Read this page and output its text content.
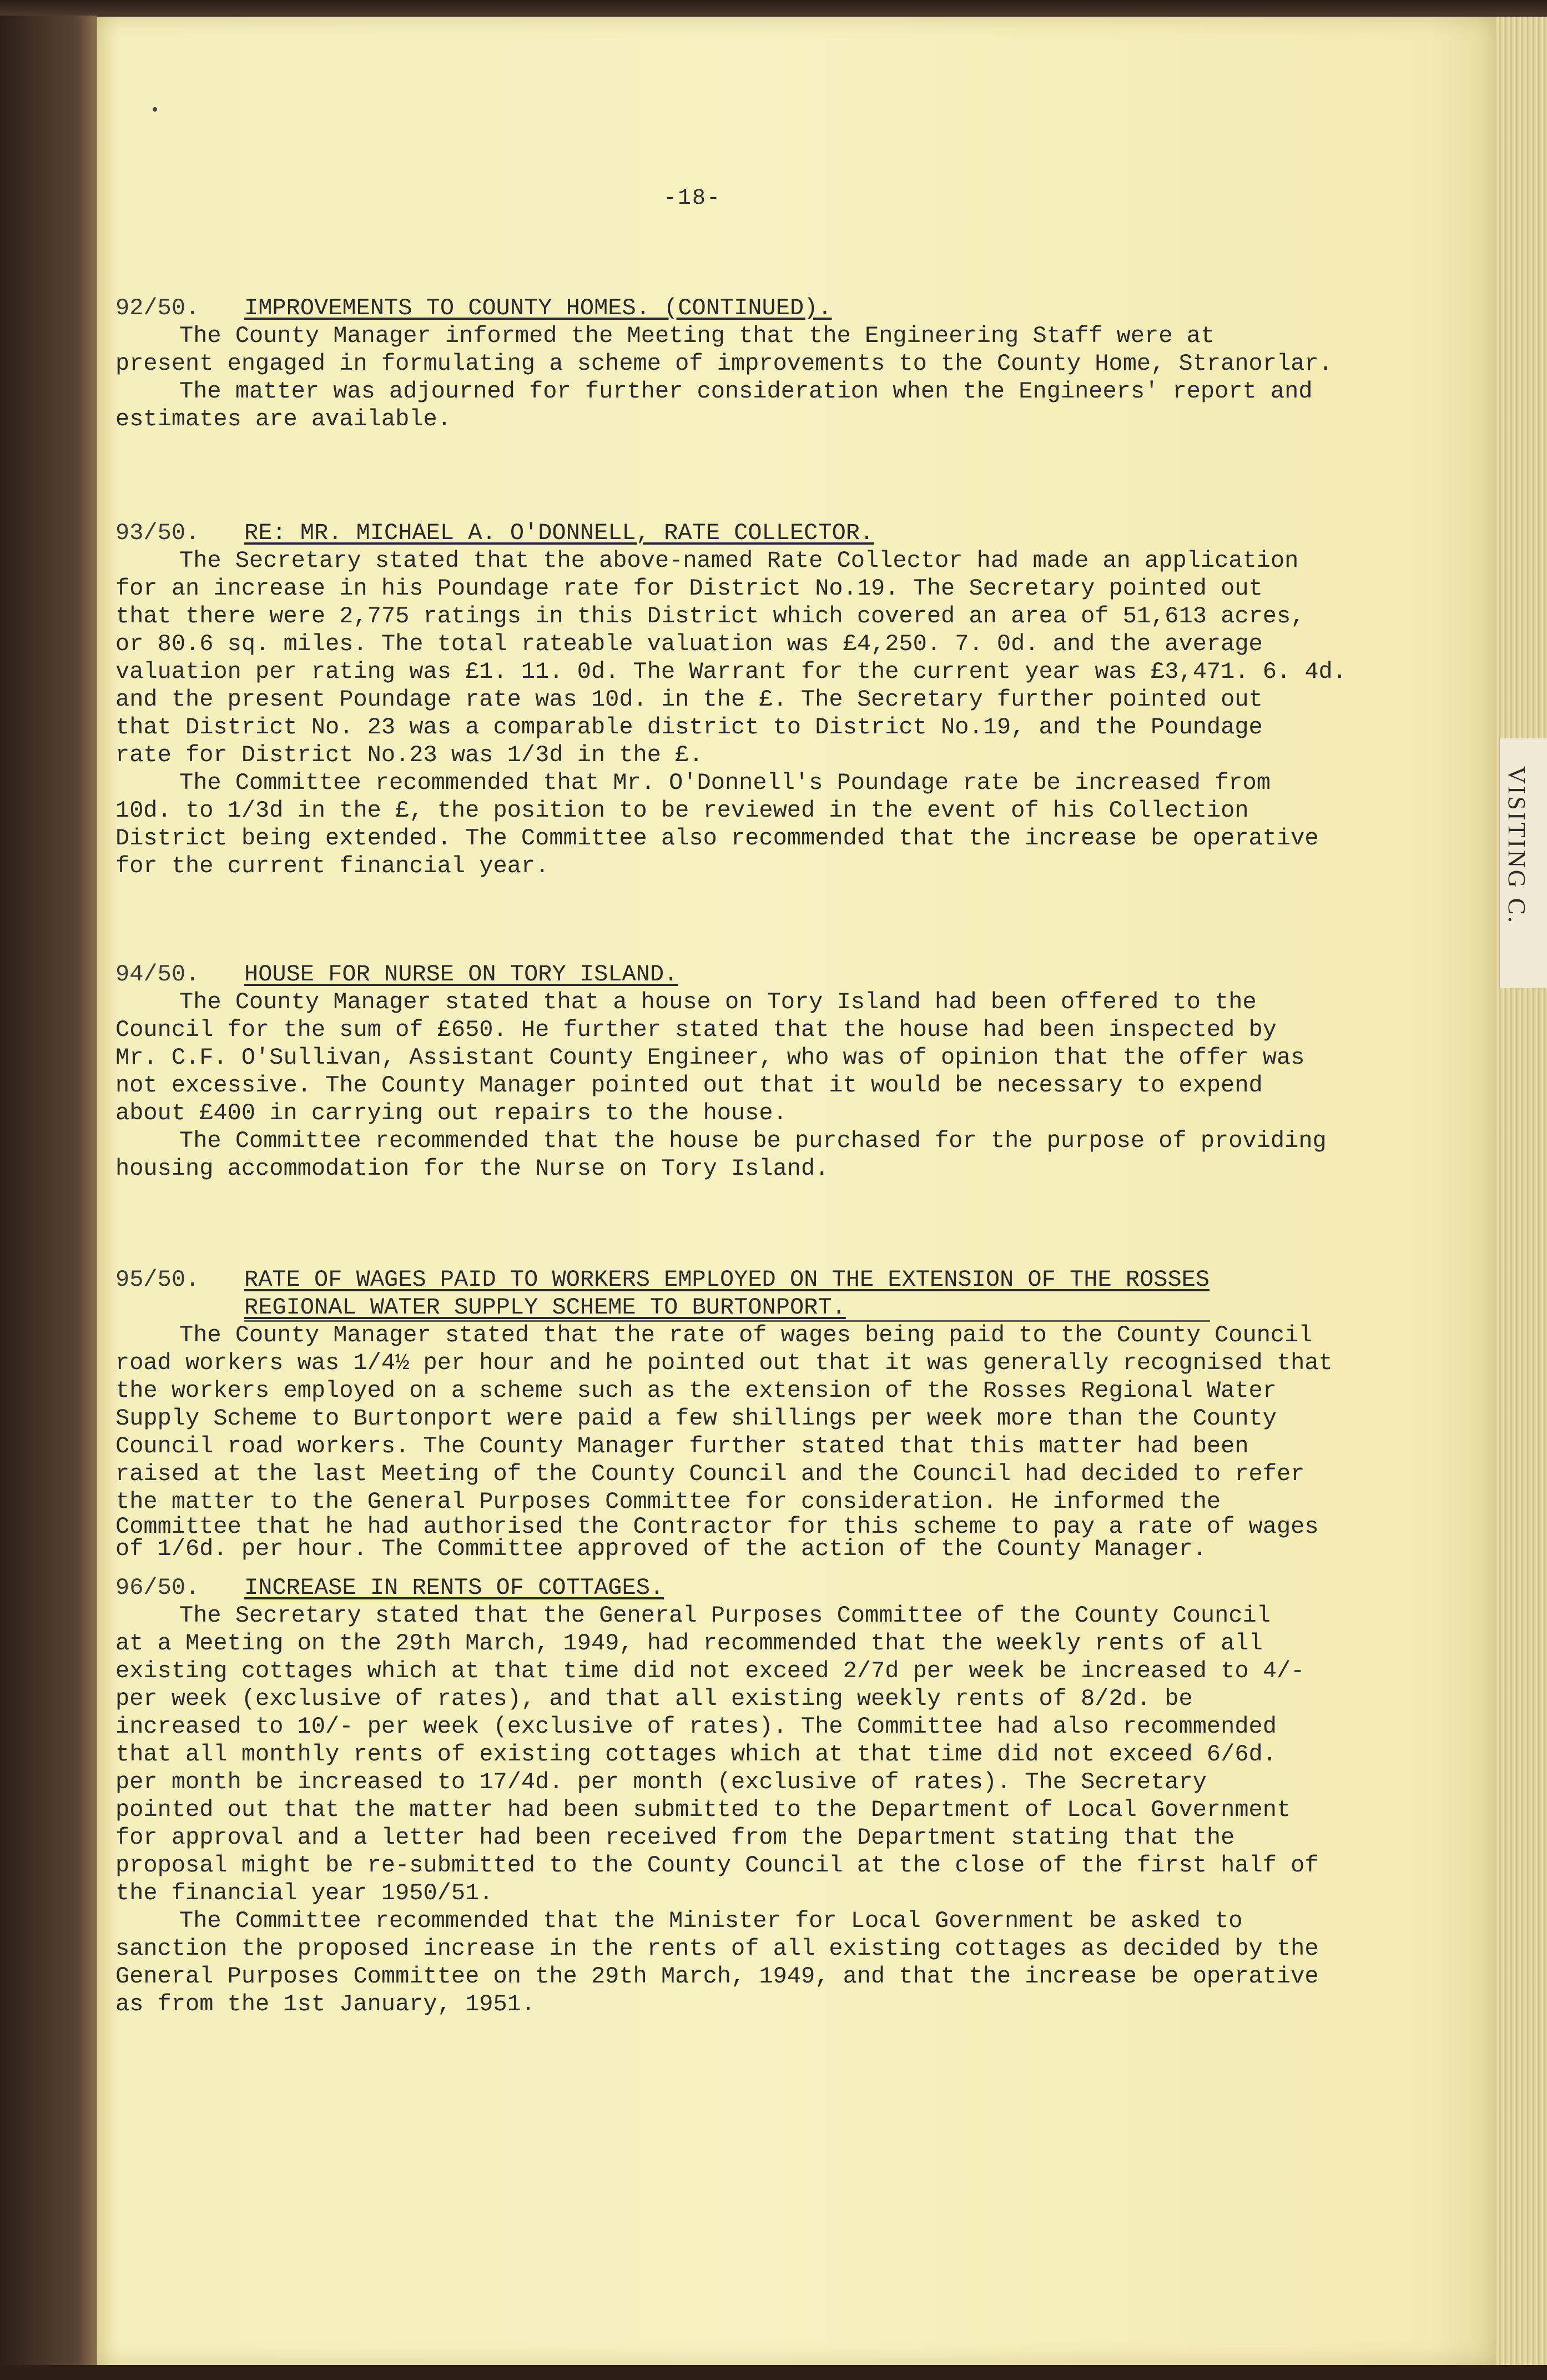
VISITING C.
-18-
92/50. IMPROVEMENTS TO COUNTY HOMES. (CONTINUED).
The County Manager informed the Meeting that the Engineering Staff were at
present engaged in formulating a scheme of improvements to the County Home, Stranorlar.
The matter was adjourned for further consideration when the Engineers' report and
estimates are available.
93/50. RE: MR. MICHAEL A. O'DONNELL, RATE COLLECTOR.
The Secretary stated that the above-named Rate Collector had made an application
for an increase in his Poundage rate for District No.19. The Secretary pointed out
that there were 2,775 ratings in this District which covered an area of 51,613 acres,
or 80.6 sq. miles. The total rateable valuation was £4,250. 7. 0d. and the average
valuation per rating was £1. 11. 0d. The Warrant for the current year was £3,471. 6. 4d.
and the present Poundage rate was 10d. in the £. The Secretary further pointed out
that District No. 23 was a comparable district to District No.19, and the Poundage
rate for District No.23 was 1/3d in the £.
The Committee recommended that Mr. O'Donnell's Poundage rate be increased from
10d. to 1/3d in the £, the position to be reviewed in the event of his Collection
District being extended. The Committee also recommended that the increase be operative
for the current financial year.
94/50. HOUSE FOR NURSE ON TORY ISLAND.
The County Manager stated that a house on Tory Island had been offered to the
Council for the sum of £650. He further stated that the house had been inspected by
Mr. C.F. O'Sullivan, Assistant County Engineer, who was of opinion that the offer was
not excessive. The County Manager pointed out that it would be necessary to expend
about £400 in carrying out repairs to the house.
The Committee recommended that the house be purchased for the purpose of providing
housing accommodation for the Nurse on Tory Island.
95/50. RATE OF WAGES PAID TO WORKERS EMPLOYED ON THE EXTENSION OF THE ROSSES
REGIONAL WATER SUPPLY SCHEME TO BURTONPORT.
The County Manager stated that the rate of wages being paid to the County Council
road workers was 1/4½ per hour and he pointed out that it was generally recognised that
the workers employed on a scheme such as the extension of the Rosses Regional Water
Supply Scheme to Burtonport were paid a few shillings per week more than the County
Council road workers. The County Manager further stated that this matter had been
raised at the last Meeting of the County Council and the Council had decided to refer
the matter to the General Purposes Committee for consideration. He informed the
Committee that he had authorised the Contractor for this scheme to pay a rate of wages
of 1/6d. per hour. The Committee approved of the action of the County Manager.
96/50. INCREASE IN RENTS OF COTTAGES.
The Secretary stated that the General Purposes Committee of the County Council
at a Meeting on the 29th March, 1949, had recommended that the weekly rents of all
existing cottages which at that time did not exceed 2/7d per week be increased to 4/-
per week (exclusive of rates), and that all existing weekly rents of 8/2d. be
increased to 10/- per week (exclusive of rates). The Committee had also recommended
that all monthly rents of existing cottages which at that time did not exceed 6/6d.
per month be increased to 17/4d. per month (exclusive of rates). The Secretary
pointed out that the matter had been submitted to the Department of Local Government
for approval and a letter had been received from the Department stating that the
proposal might be re-submitted to the County Council at the close of the first half of
the financial year 1950/51.
The Committee recommended that the Minister for Local Government be asked to
sanction the proposed increase in the rents of all existing cottages as decided by the
General Purposes Committee on the 29th March, 1949, and that the increase be operative
as from the 1st January, 1951.
